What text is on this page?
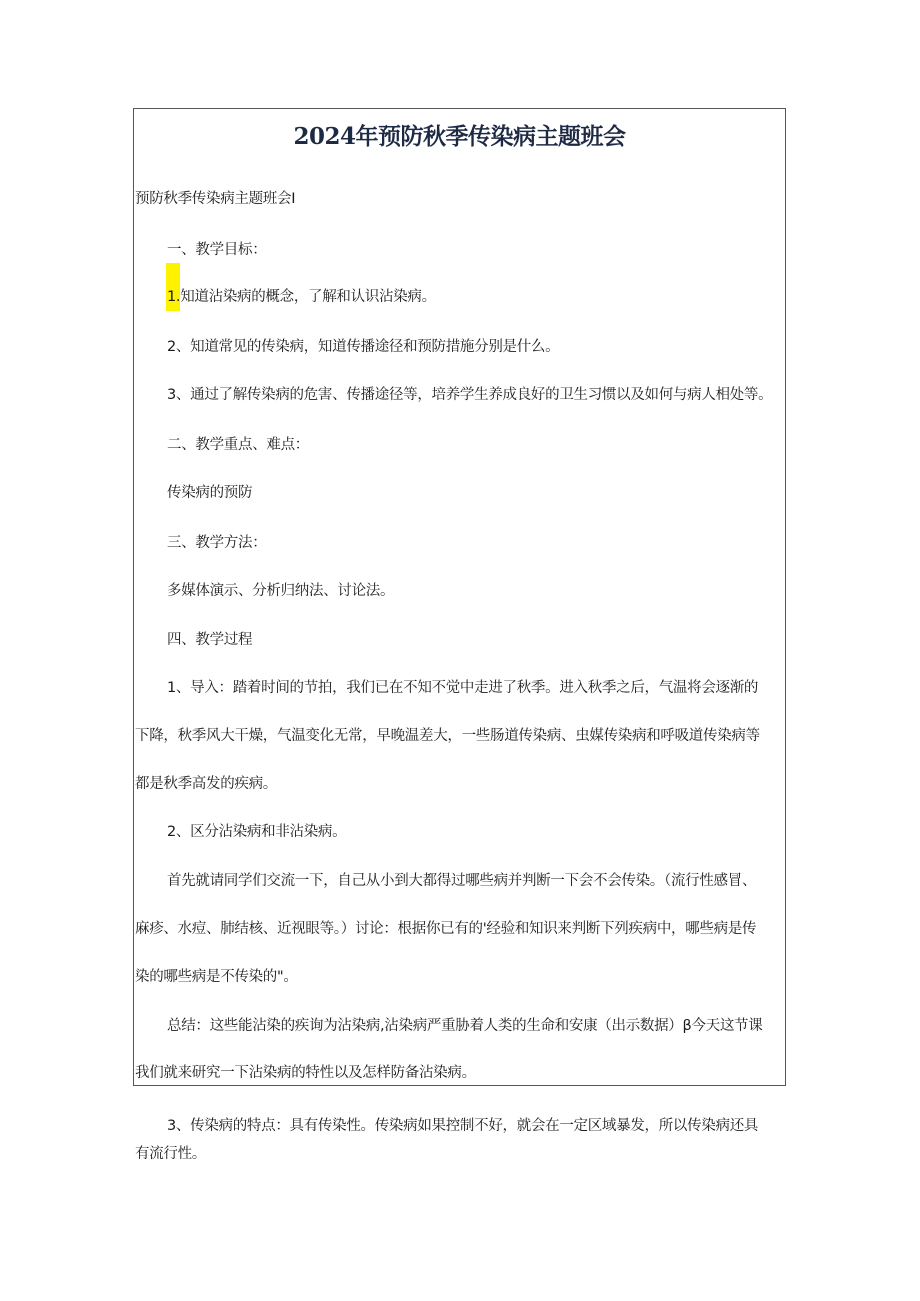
2024年预防秋季传染病主题班会
预防秋季传染病主题班会I
一、教学目标：
1.知道沾染病的概念，了解和认识沾染病。
2、知道常见的传染病，知道传播途径和预防措施分别是什么。
3、通过了解传染病的危害、传播途径等，培养学生养成良好的卫生习惯以及如何与病人相处等。
二、教学重点、难点：
传染病的预防
三、教学方法：
多媒体演示、分析归纳法、讨论法。
四、教学过程
1、导入：踏着时间的节拍，我们已在不知不觉中走进了秋季。进入秋季之后，气温将会逐渐的
下降，秋季风大干燥，气温变化无常，早晚温差大，一些肠道传染病、虫媒传染病和呼吸道传染病等
都是秋季高发的疾病。
2、区分沾染病和非沾染病。
首先就请同学们交流一下，自己从小到大都得过哪些病并判断一下会不会传染。（流行性感冒、
麻疹、水痘、肺结核、近视眼等。）讨论：根据你已有的'经验和知识来判断下列疾病中，哪些病是传
染的哪些病是不传染的"。
总结：这些能沾染的疾询为沾染病,沾染病严重胁着人类的生命和安康（出示数据）β今天这节课
我们就来研究一下沾染病的特性以及怎样防备沾染病。
3、传染病的特点：具有传染性。传染病如果控制不好，就会在一定区域暴发，所以传染病还具
有流行性。
